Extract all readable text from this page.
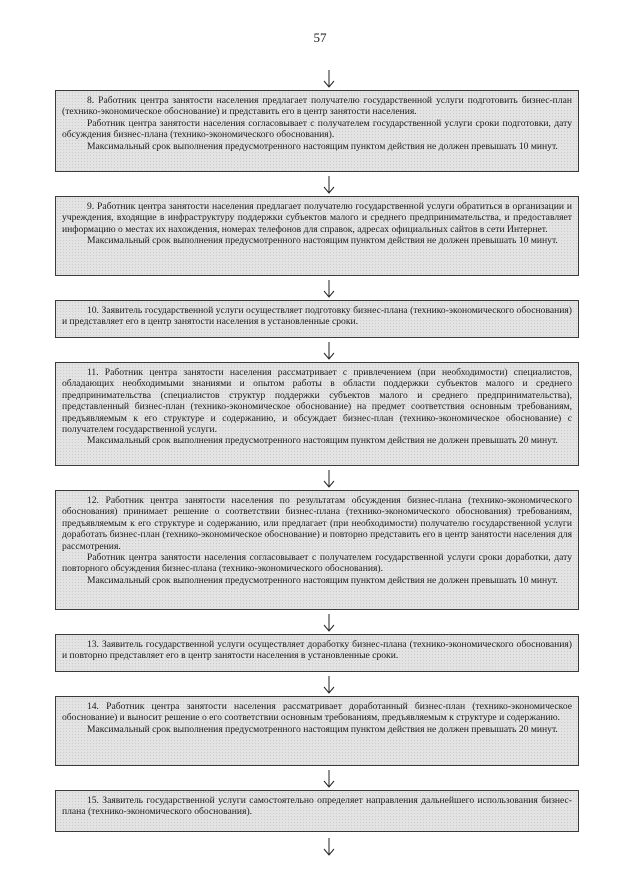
57

8. Работник центра занятости населения предлагает получателю государственной услуги подготовить бизнес-план (технико-экономическое обоснование) и представить его в центр занятости населения.

Работник центра занятости населения согласовывает с получателем государственной услуги сроки подготовки, дату обсуждения бизнес-плана (технико-экономического обоснования).

Максимальный срок выполнения предусмотренного настоящим пунктом действия не должен превышать 10 минут.

9. Работник центра занятости населения предлагает получателю государственной услуги обратиться в организации и учреждения, входящие в инфраструктуру поддержки субъектов малого и среднего предпринимательства, и предоставляет информацию о местах их нахождения, номерах телефонов для справок, адресах официальных сайтов в сети Интернет.

Максимальный срок выполнения предусмотренного настоящим пунктом действия не должен превышать 10 минут.

10. Заявитель государственной услуги осуществляет подготовку бизнес-плана (технико-экономического обоснования) и представляет его в центр занятости населения в установленные сроки.

11. Работник центра занятости населения рассматривает с привлечением (при необходимости) специалистов, обладающих необходимыми знаниями и опытом работы в области поддержки субъектов малого и среднего предпринимательства (специалистов структур поддержки субъектов малого и среднего предпринимательства), представленный бизнес-план (технико-экономическое обоснование) на предмет соответствия основным требованиям, предъявляемым к его структуре и содержанию, и обсуждает бизнес-план (технико-экономическое обоснование) с получателем государственной услуги.

Максимальный срок выполнения предусмотренного настоящим пунктом действия не должен превышать 20 минут.

12. Работник центра занятости населения по результатам обсуждения бизнес-плана (технико-экономического обоснования) принимает решение о соответствии бизнес-плана (технико-экономического обоснования) требованиям, предъявляемым к его структуре и содержанию, или предлагает (при необходимости) получателю государственной услуги доработать бизнес-план (технико-экономическое обоснование) и повторно представить его в центр занятости населения для рассмотрения.

Работник центра занятости населения согласовывает с получателем государственной услуги сроки доработки, дату повторного обсуждения бизнес-плана (технико-экономического обоснования).

Максимальный срок выполнения предусмотренного настоящим пунктом действия не должен превышать 10 минут.

13. Заявитель государственной услуги осуществляет доработку бизнес-плана (технико-экономического обоснования) и повторно представляет его в центр занятости населения в установленные сроки.

14. Работник центра занятости населения рассматривает доработанный бизнес-план (технико-экономическое обоснование) и выносит решение о его соответствии основным требованиям, предъявляемым к структуре и содержанию.

Максимальный срок выполнения предусмотренного настоящим пунктом действия не должен превышать 20 минут.

15. Заявитель государственной услуги самостоятельно определяет направления дальнейшего использования бизнес-плана (технико-экономического обоснования).
